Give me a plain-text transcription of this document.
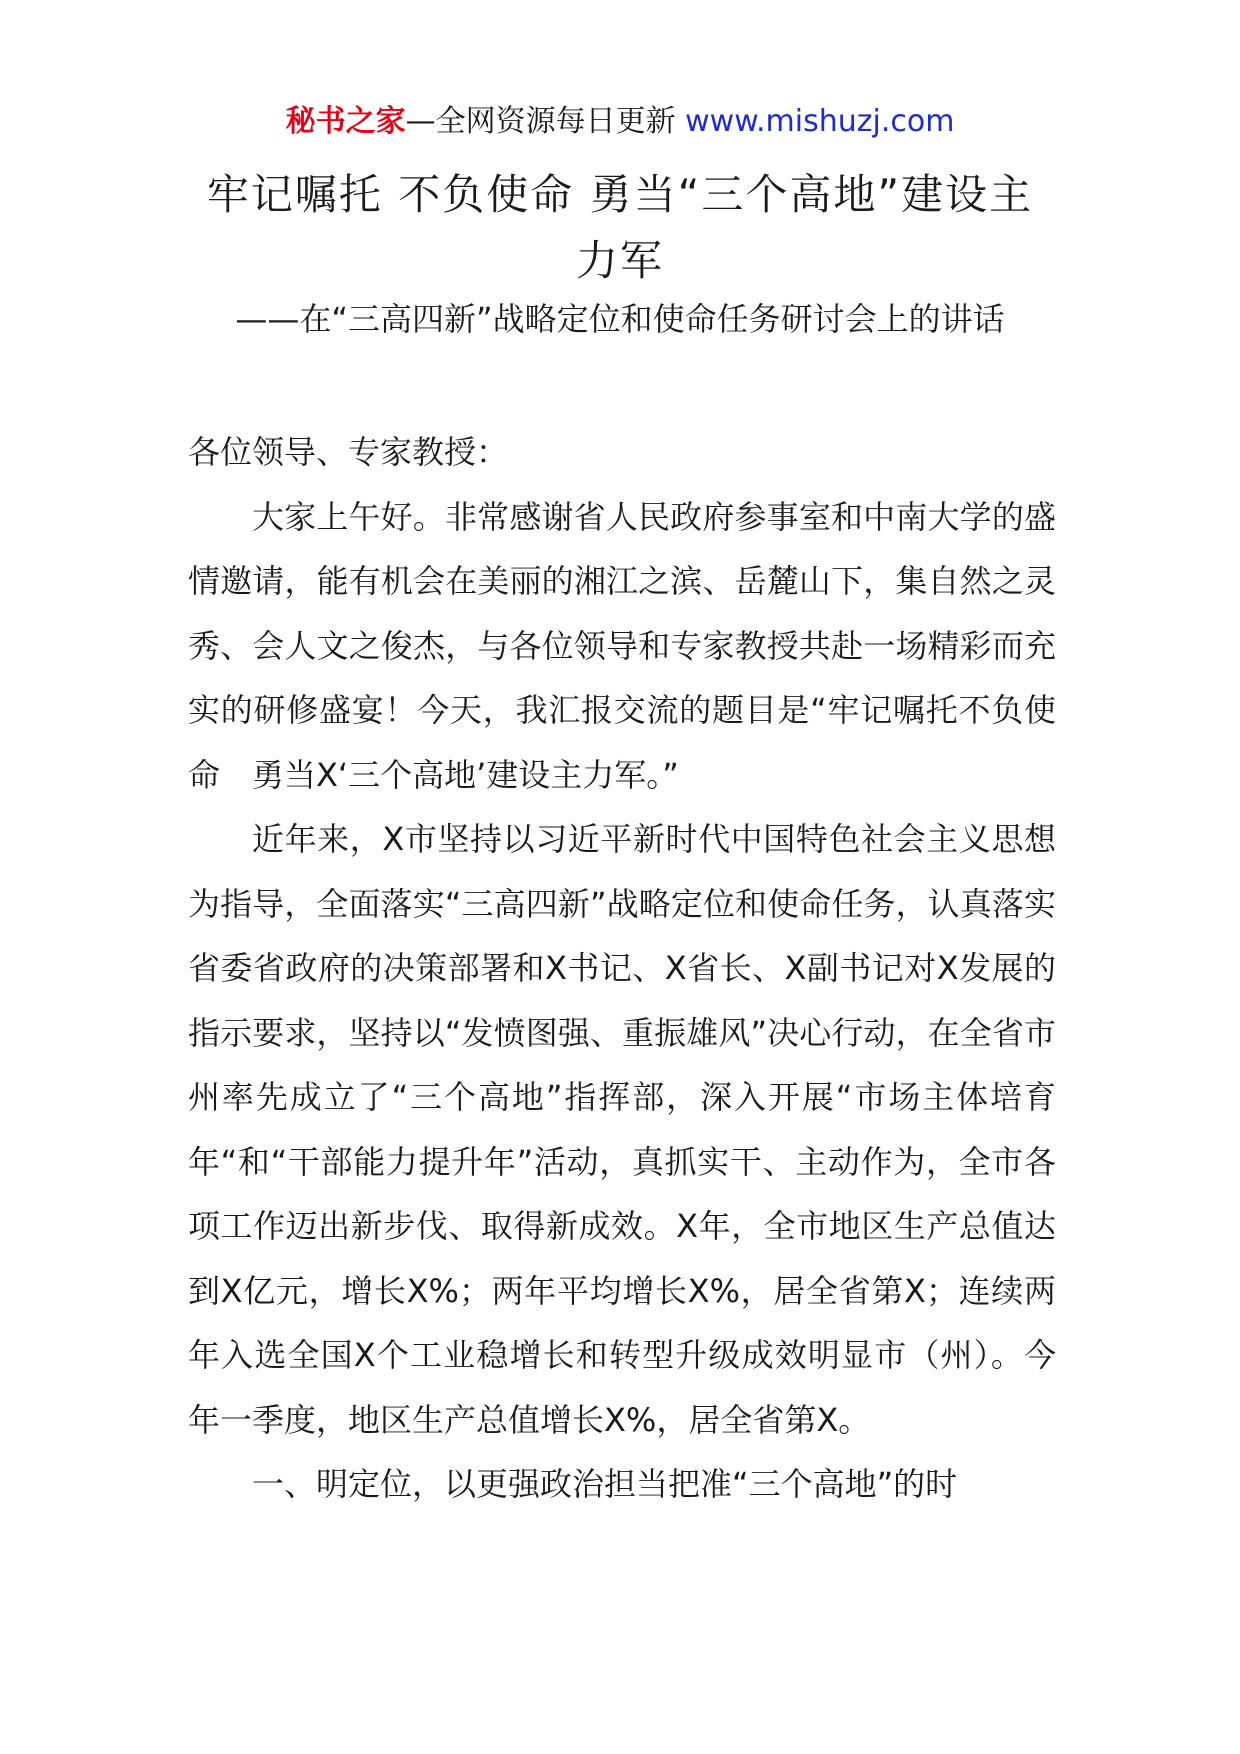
秘书之家—全网资源每日更新 www.mishuzj.com
牢记嘱托 不负使命 勇当“三个高地”建设主力军

——在“三高四新”战略定位和使命任务研讨会上的讲话

各位领导、专家教授：

大家上午好。非常感谢省人民政府参事室和中南大学的盛情邀请，能有机会在美丽的湘江之滨、岳麓山下，集自然之灵秀、会人文之俊杰，与各位领导和专家教授共赴一场精彩而充实的研修盛宴！今天，我汇报交流的题目是“牢记嘱托不负使命　勇当X‘三个高地’建设主力军。”

近年来，X市坚持以习近平新时代中国特色社会主义思想为指导，全面落实“三高四新”战略定位和使命任务，认真落实省委省政府的决策部署和X书记、X省长、X副书记对X发展的指示要求，坚持以“发愤图强、重振雄风”决心行动，在全省市州率先成立了“三个高地”指挥部，深入开展“市场主体培育年“和“干部能力提升年”活动，真抓实干、主动作为，全市各项工作迈出新步伐、取得新成效。X年，全市地区生产总值达到X亿元，增长X%；两年平均增长X%，居全省第X；连续两年入选全国X个工业稳增长和转型升级成效明显市（州）。今年一季度，地区生产总值增长X%，居全省第X。

一、明定位，以更强政治担当把准“三个高地”的时
